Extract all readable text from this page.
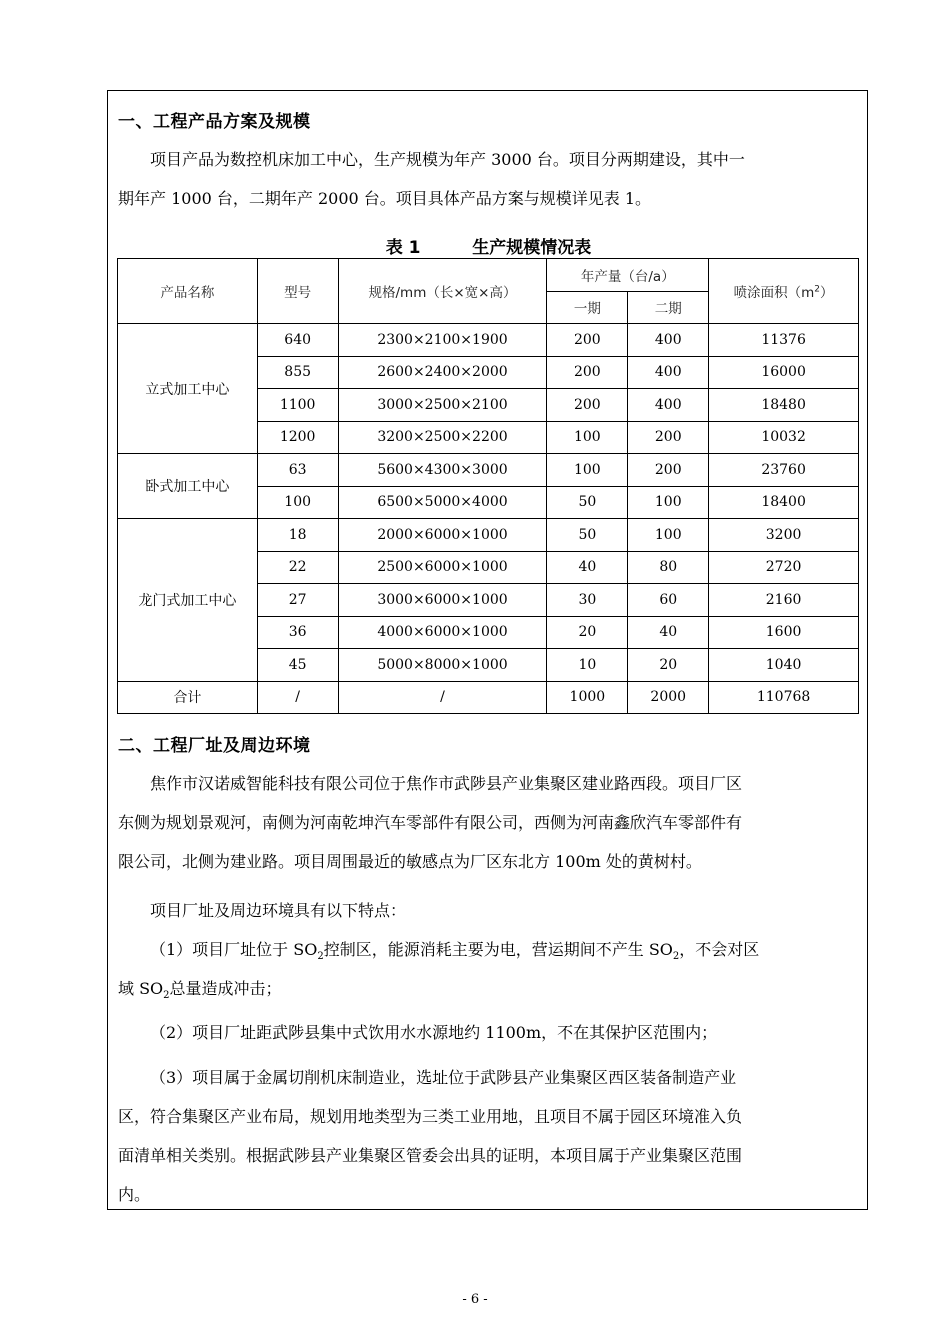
一、工程产品方案及规模
项目产品为数控机床加工中心，生产规模为年产 3000 台。项目分两期建设，其中一
期年产 1000 台，二期年产 2000 台。项目具体产品方案与规模详见表 1。
表 1	生产规模情况表
产品名称	型号	规格/mm（长×宽×高）	年产量（台/a）		喷涂面积$(m^2)$
			一期	二期	
立式加工中心	640	2300×2100×1900	200	400	11376
	855	2600×2400×2000	200	400	16000
	1100	3000×2500×2100	200	400	18480
	1200	3200×2500×2200	100	200	10032
卧式加工中心	63	5600×4300×3000	100	200	23760
	100	6500×5000×4000	50	100	18400
龙门式加工中心	18	2000×6000×1000	50	100	3200
	22	2500×6000×1000	40	80	2720
	27	3000×6000×1000	30	60	2160
	36	4000×6000×1000	20	40	1600
	45	5000×8000×1000	10	20	1040
合计	/	/	1000	2000	110768
二、工程厂址及周边环境
焦作市汉诺威智能科技有限公司位于焦作市武陟县产业集聚区建业路西段。项目厂区
东侧为规划景观河，南侧为河南乾坤汽车零部件有限公司，西侧为河南鑫欣汽车零部件有
限公司，北侧为建业路。项目周围最近的敏感点为厂区东北方 100m 处的黄树村。
项目厂址及周边环境具有以下特点：
（1）项目厂址位于 $SO_2$控制区，能源消耗主要为电，营运期间不产生 $SO_2$，不会对区
域 $SO_2$总量造成冲击；
（2）项目厂址距武陟县集中式饮用水水源地约 1100m，不在其保护区范围内；
（3）项目属于金属切削机床制造业，选址位于武陟县产业集聚区西区装备制造产业
区，符合集聚区产业布局，规划用地类型为三类工业用地，且项目不属于园区环境准入负
面清单相关类别。根据武陟县产业集聚区管委会出具的证明，本项目属于产业集聚区范围
内。
- 6 -
